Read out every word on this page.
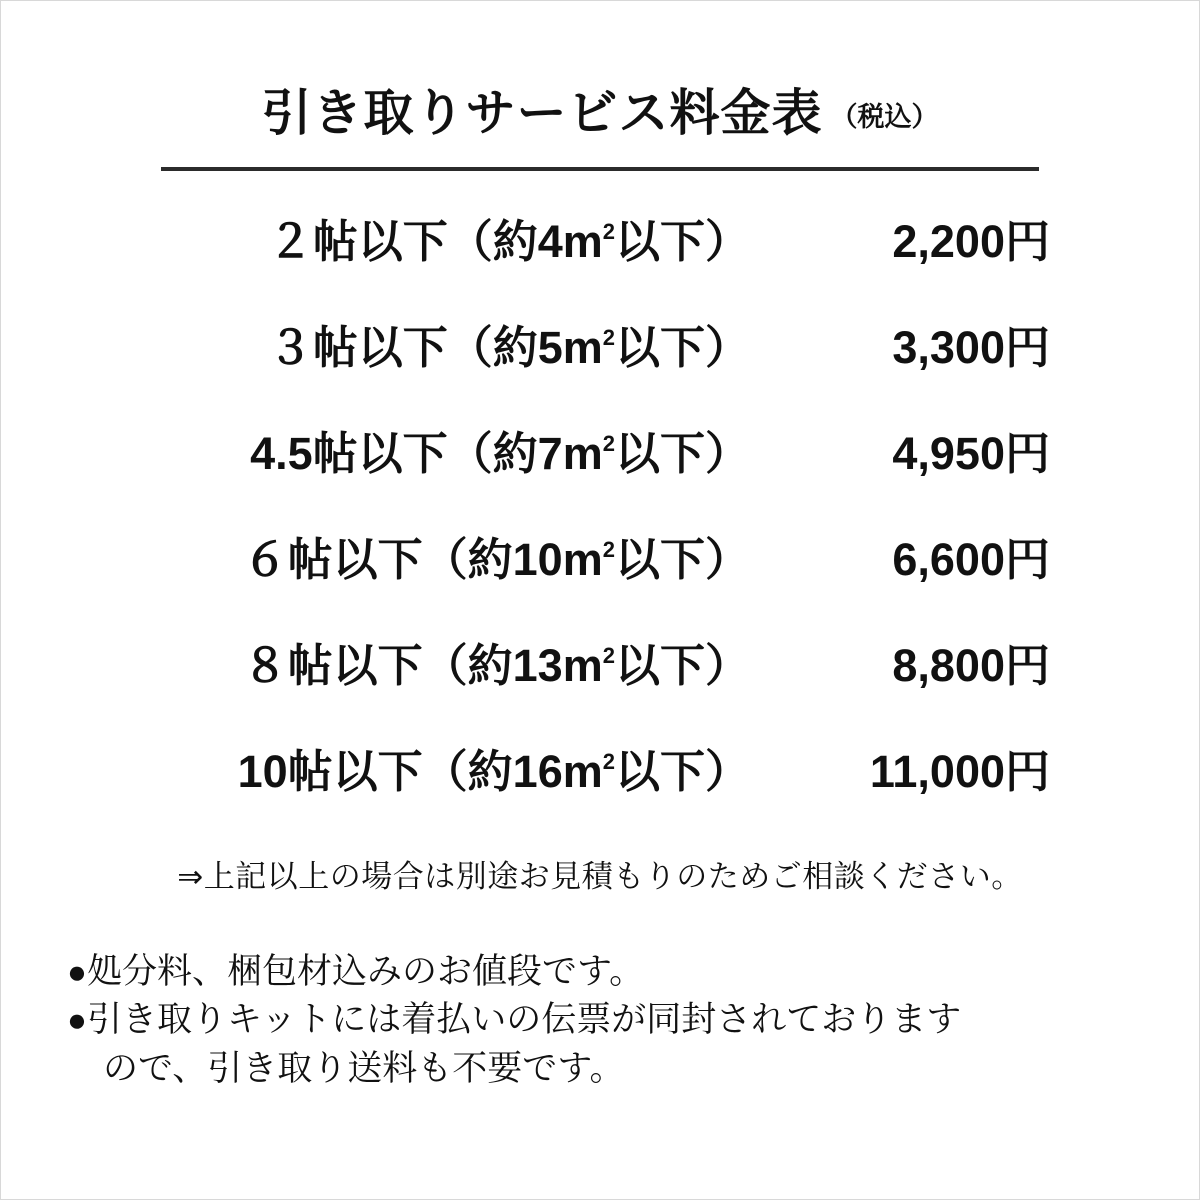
引き取りサービス料金表 （税込）
２帖以下（約$4m^2$以下）	2,200円
３帖以下（約$5m^2$以下）	3,300円
4.5帖以下（約$7m^2$以下）	4,950円
６帖以下（約$10m^2$以下）	6,600円
８帖以下（約$13m^2$以下）	8,800円
10帖以下（約$16m^2$以下）	11,000円
⇒上記以上の場合は別途お見積もりのためご相談ください。
●処分料、梱包材込みのお値段です。
●引き取りキットには着払いの伝票が同封されております
ので、引き取り送料も不要です。
